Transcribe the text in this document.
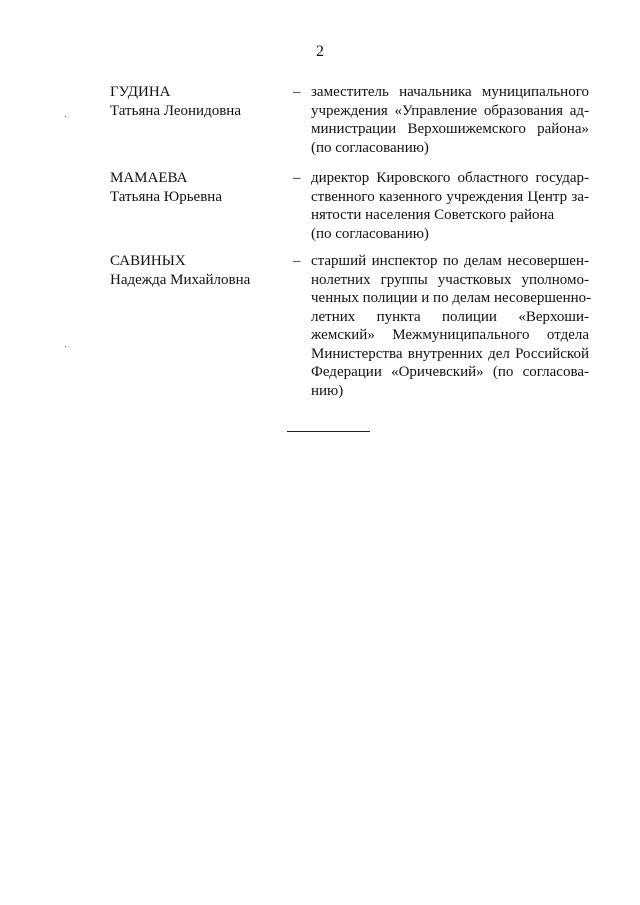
2
ГУДИНА
Татьяна Леонидовна
– заместитель начальника муниципального
учреждения «Управление образования ад-
министрации Верхошижемского района»
(по согласованию)
МАМАЕВА
Татьяна Юрьевна
– директор Кировского областного государ-
ственного казенного учреждения Центр за-
нятости населения Советского района
(по согласованию)
САВИНЫХ
Надежда Михайловна
– старший инспектор по делам несовершен-
нолетних группы участковых уполномо-
ченных полиции и по делам несовершенно-
летних пункта полиции «Верхоши-
жемский» Межмуниципального отдела
Министерства внутренних дел Российской
Федерации «Оричевский» (по согласова-
нию)
ˏ
ˏ
